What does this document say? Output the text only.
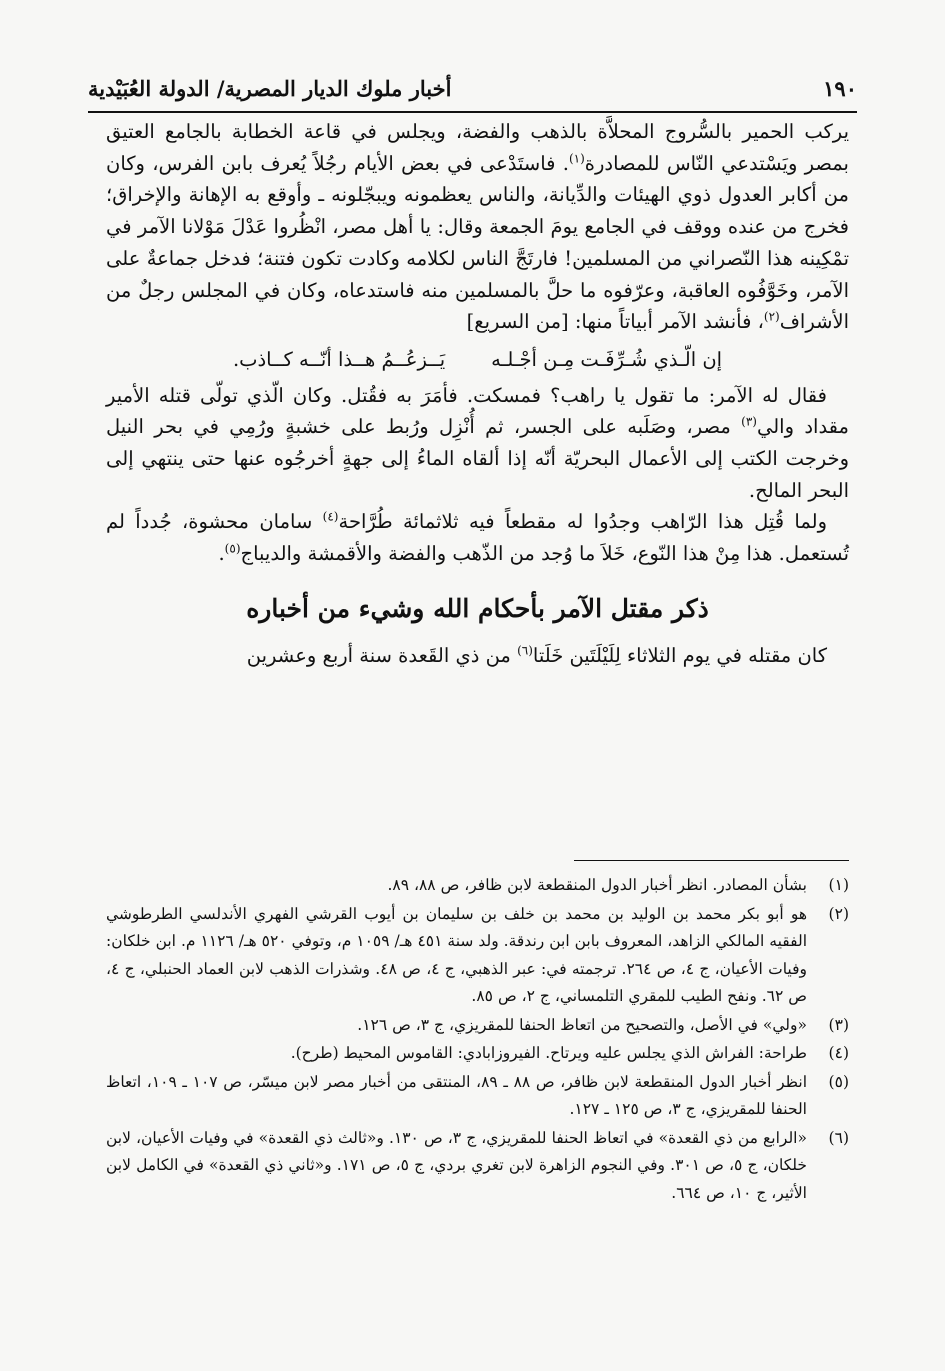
١٩٠
أخبار ملوك الديار المصرية/ الدولة العُبَيْدية

يركب الحمير بالسُّروج المحلاَّة بالذهب والفضة، ويجلس في قاعة الخطابة بالجامع العتيق بمصر ويَسْتدعي النّاس للمصادرة$^{(١)}$. فاستَدْعى في بعض الأيام رجُلاً يُعرف بابن الفرس، وكان من أكابر العدول ذوي الهيئات والدِّيانة، والناس يعظمونه ويبجّلونه ـ وأوقع به الإهانة والإخراق؛ فخرج من عنده ووقف في الجامع يومَ الجمعة وقال: يا أهل مصر، انْظُروا عَدْلَ مَوْلانا الآمر في تمْكِينه هذا النّصراني من المسلمين! فارتَجَّ الناس لكلامه وكادت تكون فتنة؛ فدخل جماعةٌ على الآمر، وخَوَّفُوه العاقبة، وعرّفوه ما حلَّ بالمسلمين منه فاستدعاه، وكان في المجلس رجلٌ من الأشراف$^{(٢)}$، فأنشد الآمر أبياتاً منها: [من السريع]

إن الّـذي شُـرِّفَـت مِـن أجْـلـه
يَــزعُــمُ هــذا أنّــه كــاذب.

فقال له الآمر: ما تقول يا راهب؟ فمسكت. فأمَرَ به فقُتل. وكان الّذي تولّى قتله الأمير مقداد والي$^{(٣)}$ مصر، وصَلَبه على الجسر، ثم أُنْزِل ورُبط على خشبةٍ ورُمِي في بحر النيل وخرجت الكتب إلى الأعمال البحريّة أنّه إذا ألقاه الماءُ إلى جهةٍ أخرجُوه عنها حتى ينتهي إلى البحر المالح.

ولما قُتِل هذا الرّاهب وجدُوا له مقطعاً فيه ثلاثمائة طُرَّاحة$^{(٤)}$ سامان محشوة، جُدداً لم تُستعمل. هذا مِنْ هذا النّوع، خَلاَ ما وُجد من الذّهب والفضة والأقمشة والديباج$^{(٥)}$.

ذكر مقتل الآمر بأحكام الله وشيء من أخباره

كان مقتله في يوم الثلاثاء لِلَيْلَتَين خَلَتا$^{(٦)}$ من ذي القَعدة سنة أربع وعشرين

(١)
بشأن المصادر. انظر أخبار الدول المنقطعة لابن ظافر، ص ٨٨، ٨٩.
(٢)
هو أبو بكر محمد بن الوليد بن محمد بن خلف بن سليمان بن أيوب القرشي الفهري الأندلسي الطرطوشي الفقيه المالكي الزاهد، المعروف بابن ابن رندقة. ولد سنة ٤٥١ هـ/ ١٠٥٩ م، وتوفي ٥٢٠ هـ/ ١١٢٦ م. ابن خلكان: وفيات الأعيان، ج ٤، ص ٢٦٤. ترجمته في: عبر الذهبي، ج ٤، ص ٤٨. وشذرات الذهب لابن العماد الحنبلي، ج ٤، ص ٦٢. ونفح الطيب للمقري التلمساني، ج ٢، ص ٨٥.
(٣)
«ولي» في الأصل، والتصحيح من اتعاظ الحنفا للمقريزي، ج ٣، ص ١٢٦.
(٤)
طراحة: الفراش الذي يجلس عليه ويرتاح. الفيروزابادي: القاموس المحيط (طرح).
(٥)
انظر أخبار الدول المنقطعة لابن ظافر، ص ٨٨ ـ ٨٩، المنتقى من أخبار مصر لابن ميسّر، ص ١٠٧ ـ ١٠٩، اتعاظ الحنفا للمقريزي، ج ٣، ص ١٢٥ ـ ١٢٧.
(٦)
«الرابع من ذي القعدة» في اتعاظ الحنفا للمقريزي، ج ٣، ص ١٣٠. و«ثالث ذي القعدة» في وفيات الأعيان، لابن خلكان، ج ٥، ص ٣٠١. وفي النجوم الزاهرة لابن تغري بردي، ج ٥، ص ١٧١. و«ثاني ذي القعدة» في الكامل لابن الأثير، ج ١٠، ص ٦٦٤.
